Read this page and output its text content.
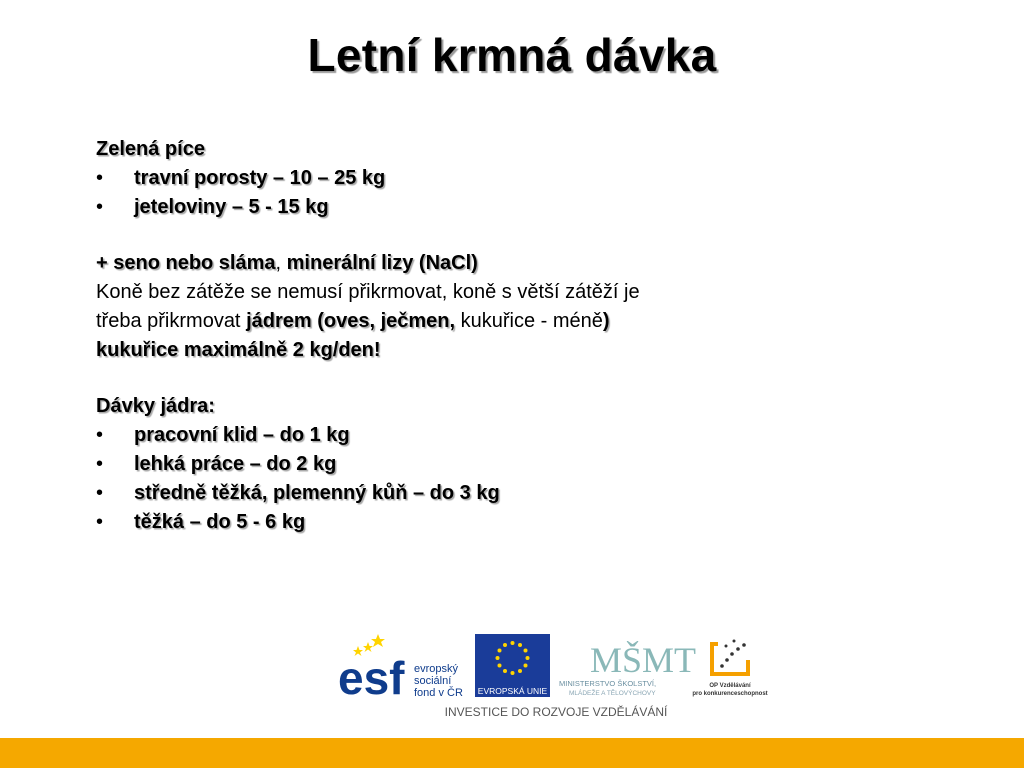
Letní krmná dávka
Zelená píce
• travní porosty – 10 – 25 kg
• jeteloviny – 5 - 15 kg
+ seno nebo sláma, minerální lizy (NaCl)
Koně bez zátěže se nemusí přikrmovat, koně s větší zátěží je
třeba přikrmovat jádrem (oves, ječmen, kukuřice - méně)
kukuřice maximálně 2 kg/den!
Dávky jádra:
• pracovní klid – do 1 kg
• lehká práce – do 2 kg
• středně těžká, plemenný kůň – do 3 kg
• těžká – do 5 - 6 kg
esf evropský
sociální
fond v ČR EVROPSKÁ UNIE
MŠMT
MINISTERSTVO ŠKOLSTVÍ,
MLÁDEŽE A TĚLOVÝCHOVY
OP Vzdělávání
pro konkurenceschopnost
INVESTICE DO ROZVOJE VZDĚLÁVÁNÍ
